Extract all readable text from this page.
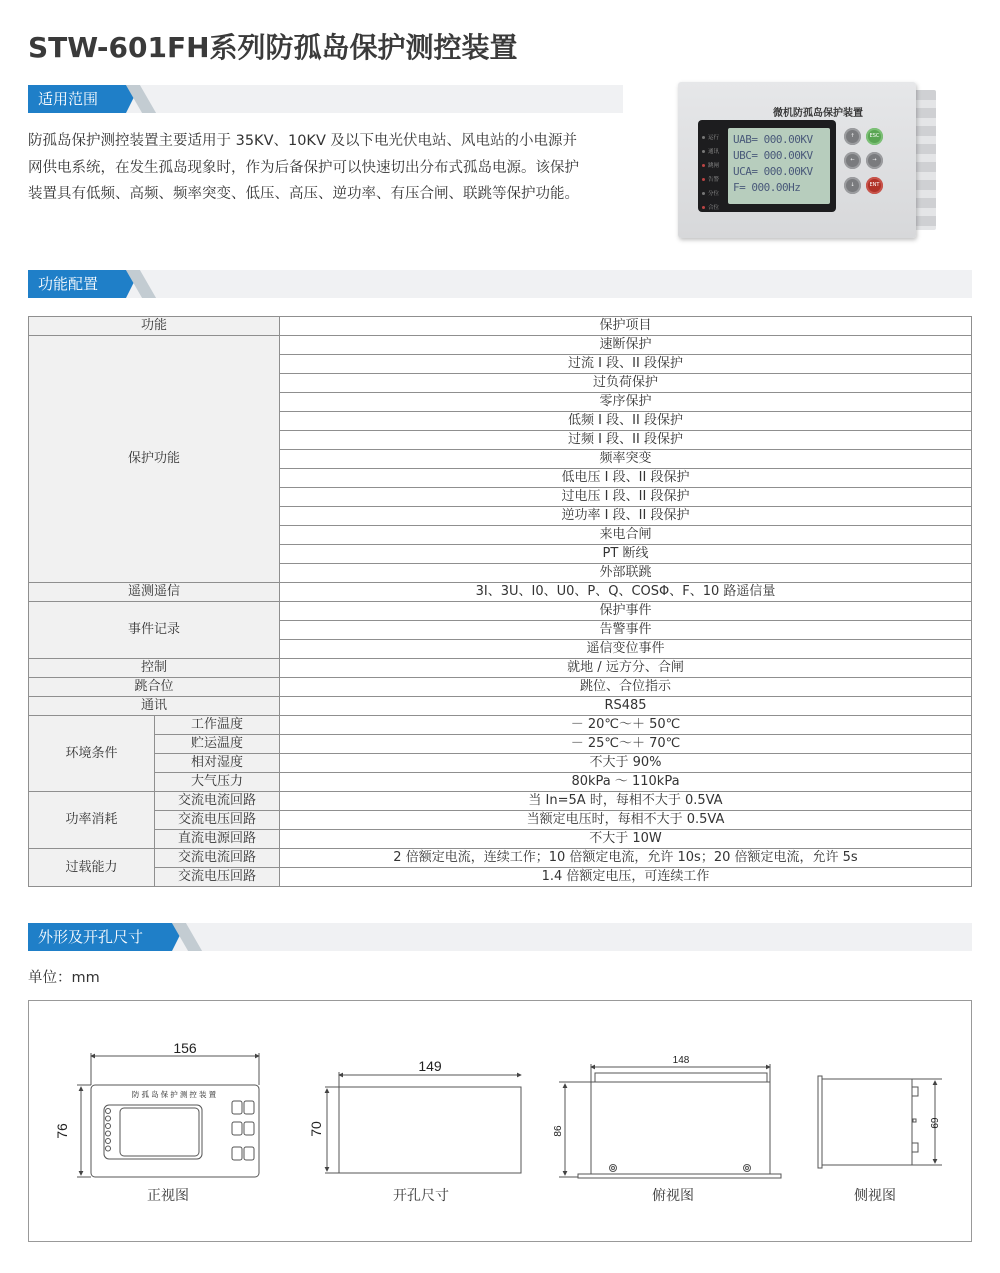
STW-601FH系列防孤岛保护测控装置
适用范围
防孤岛保护测控装置主要适用于 35KV、10KV 及以下电光伏电站、风电站的小电源并网供电系统，在发生孤岛现象时，作为后备保护可以快速切出分布式孤岛电源。该保护装置具有低频、高频、频率突变、低压、高压、逆功率、有压合闸、联跳等保护功能。
微机防孤岛保护装置
运行
通讯
跳闸
告警
分位
合位
UAB= 000.00KV
UBC= 000.00KV
UCA= 000.00KV
F= 000.00Hz
↑	ESC
←	→
↓	ENT
功能配置
功能		保护项目
保护功能		速断保护
		过流 I 段、II 段保护
		过负荷保护
		零序保护
		低频 I 段、II 段保护
		过频 I 段、II 段保护
		频率突变
		低电压 I 段、II 段保护
		过电压 I 段、II 段保护
		逆功率 I 段、II 段保护
		来电合闸
		PT 断线
		外部联跳
遥测遥信		3I、3U、I0、U0、P、Q、COSΦ、F、10 路遥信量
事件记录		保护事件
		告警事件
		遥信变位事件
控制		就地 / 远方分、合闸
跳合位		跳位、合位指示
通讯		RS485
环境条件	工作温度	－ 20℃～＋ 50℃
	贮运温度	－ 25℃～＋ 70℃
	相对湿度	不大于 90%
	大气压力	80kPa ～ 110kPa
功率消耗	交流电流回路	当 In=5A 时，每相不大于 0.5VA
	交流电压回路	当额定电压时，每相不大于 0.5VA
	直流电源回路	不大于 10W
过载能力	交流电流回路	2 倍额定电流，连续工作；10 倍额定电流，允许 10s；20 倍额定电流，允许 5s
	交流电压回路	1.4 倍额定电压，可连续工作
外形及开孔尺寸
单位：mm
156
76
防 孤 岛 保 护 测 控 装 置
149
70
148
86
69
正视图	开孔尺寸	俯视图	侧视图
